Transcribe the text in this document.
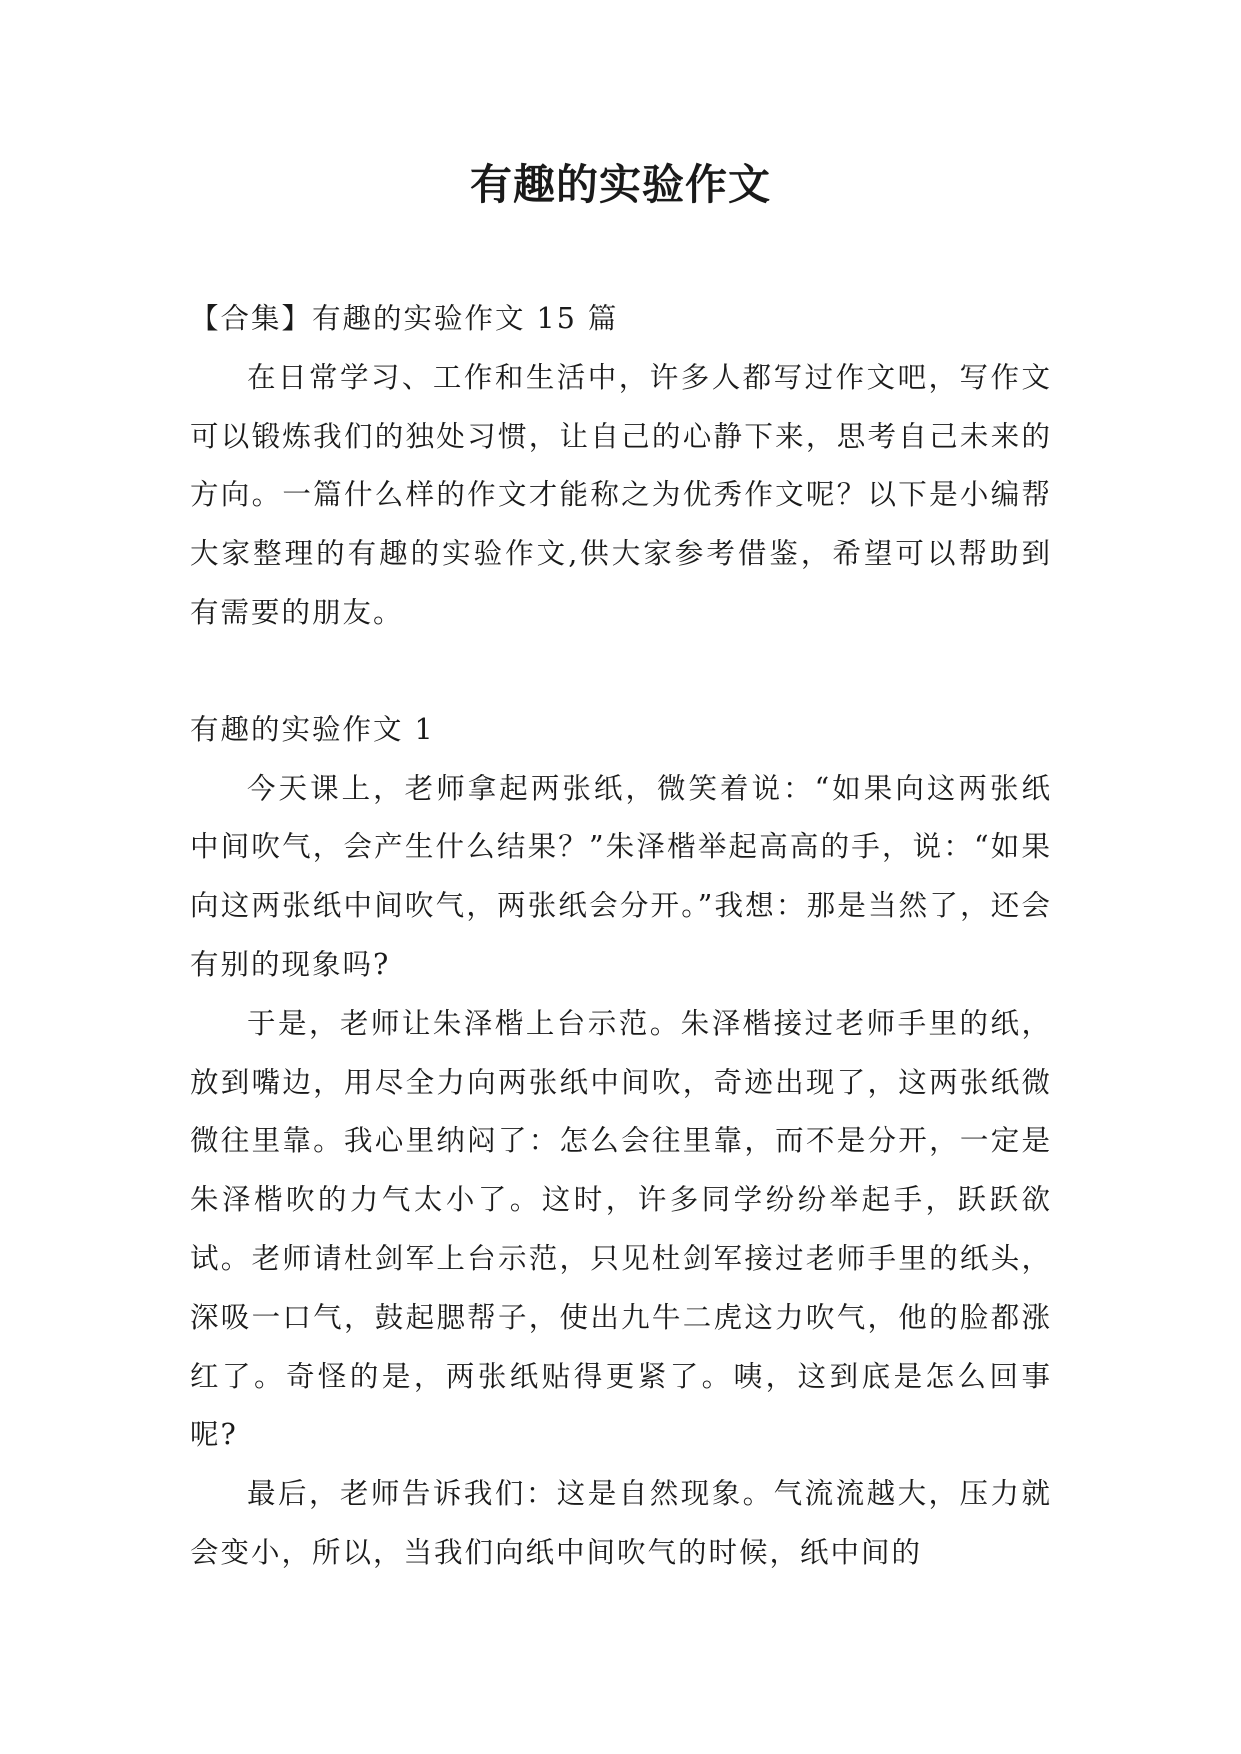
有趣的实验作文

【合集】有趣的实验作文 15 篇

在日常学习、工作和生活中，许多人都写过作文吧，写作文可以锻炼我们的独处习惯，让自己的心静下来，思考自己未来的方向。一篇什么样的作文才能称之为优秀作文呢？以下是小编帮大家整理的有趣的实验作文,供大家参考借鉴，希望可以帮助到有需要的朋友。

有趣的实验作文 1

今天课上，老师拿起两张纸，微笑着说：“如果向这两张纸中间吹气，会产生什么结果？”朱泽楷举起高高的手，说：“如果向这两张纸中间吹气，两张纸会分开。”我想：那是当然了，还会有别的现象吗?

于是，老师让朱泽楷上台示范。朱泽楷接过老师手里的纸，放到嘴边，用尽全力向两张纸中间吹，奇迹出现了，这两张纸微微往里靠。我心里纳闷了：怎么会往里靠，而不是分开，一定是朱泽楷吹的力气太小了。这时，许多同学纷纷举起手，跃跃欲试。老师请杜剑军上台示范，只见杜剑军接过老师手里的纸头，深吸一口气，鼓起腮帮子，使出九牛二虎这力吹气，他的脸都涨红了。奇怪的是，两张纸贴得更紧了。咦，这到底是怎么回事呢?

最后，老师告诉我们：这是自然现象。气流流越大，压力就会变小，所以，当我们向纸中间吹气的时候，纸中间的
